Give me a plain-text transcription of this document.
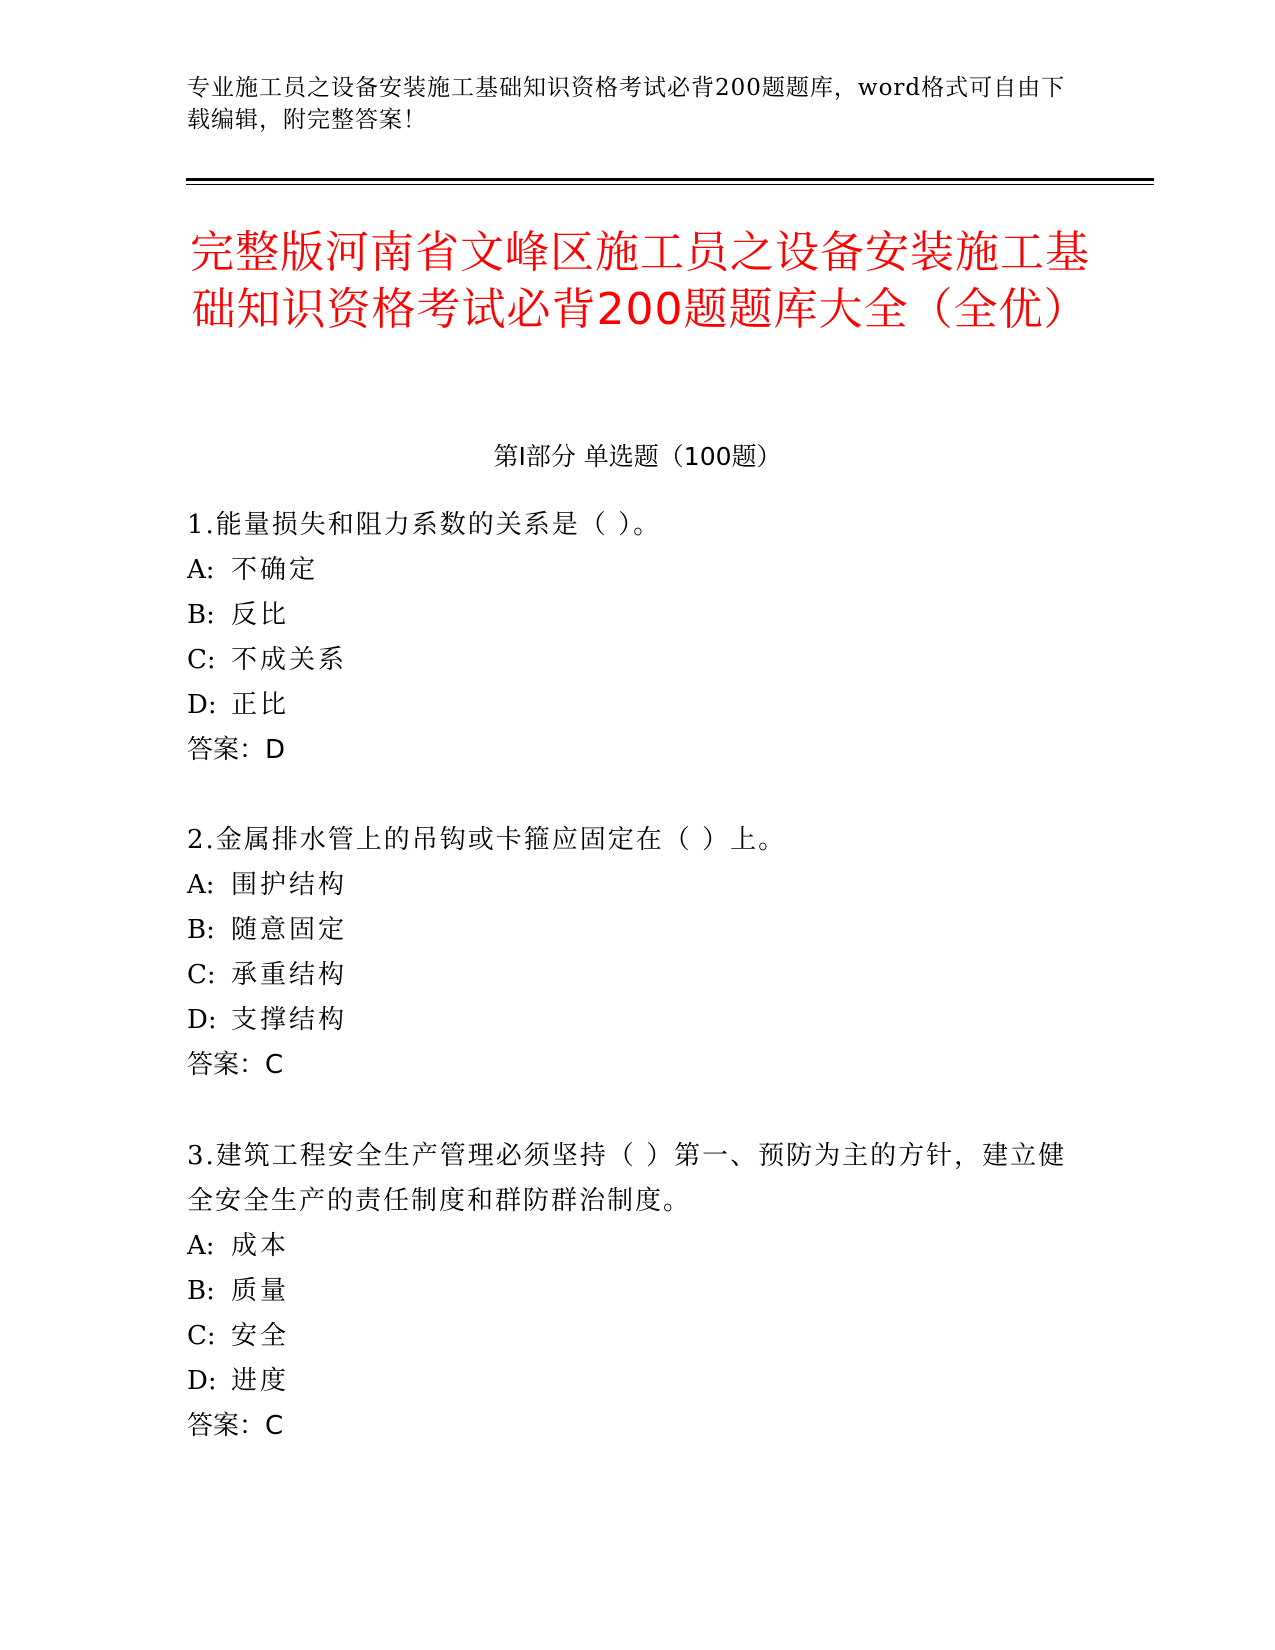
专业施工员之设备安装施工基础知识资格考试必背200题题库，word格式可自由下载编辑，附完整答案！
完整版河南省文峰区施工员之设备安装施工基础知识资格考试必背200题题库大全（全优）
第Ⅰ部分 单选题（100题）

1.能量损失和阻力系数的关系是（ ）。

A: 不确定

B: 反比

C: 不成关系

D: 正比

答案：D

2.金属排水管上的吊钩或卡箍应固定在（ ）上。

A: 围护结构

B: 随意固定

C: 承重结构

D: 支撑结构

答案：C

3.建筑工程安全生产管理必须坚持（ ）第一、预防为主的方针，建立健全安全生产的责任制度和群防群治制度。

A: 成本

B: 质量

C: 安全

D: 进度

答案：C
